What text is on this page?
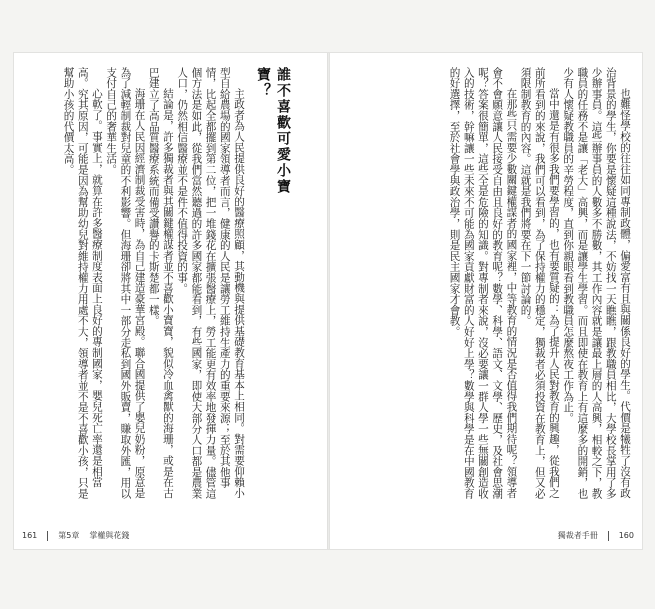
誰不喜歡可愛小寶寶？

主政者為人民提供良好的醫療照顧，其動機與提供基礎教育基本上相同。對需要仰賴小型自給農場的國家領導者而言，健康的人民是讓勞工維持生產力的重要來源；至於其他事情，比起全都擺到第二位，把一堆錢花在擴張醫療上，勞工能更有效率地發揮力量。儘管這個方法是如此，從我們當然聽過的許多國家都能看到，有些國家，即使大部分人口都是農業人口，仍然相信醫療並不是件不值得投資的事。

結論是，許多獨裁者與其關鍵權謀者並不喜歡小寶寶，貌似冷血禽獸的海珊，或是在古巴建立了高品質醫療系統而備受讚譽的卡斯楚都一樣。

海珊在人民因經濟制裁受害時，為自己建造豪華宮殿。聯合國提供了嬰兒奶粉，原意是為了減輕制裁對兒童的不利影響。但海珊卻將其中一部分走私到國外販賣，賺取外匯，用以支付自己的奢華生活。

心軟了。事實上，就算在許多醫療制度表面上良好的專制國家，嬰兒死亡率還是相當高。究其原因，可能是因為幫助幼兒對維持權力用處不大，領導者並不是不喜歡小孩，只是幫助小孩的代價太高。

161	第5章 掌權與花錢

也難怪學校的往往如同專制政體，偏愛富有且與關係良好的學生。代價是犧牲了沒有政治背景的學生，你要是懷疑這種說法，不妨找一天瞧瞧，跟教職員相比，大學校長掌用了多少辦事員。這些辦事員的人數多不勝數，其工作內容就是讓最上層的人高興，相較之下，教職員的任務不是讓「老大」高興，而是讓學生學習。而且即使在教育上有這麼多的開銷，也少有人懷疑教職員的辛勞程度，直到你親眼看到教職員怎麼熬夜工作為止。

當中還是有很多我們要學習的，也有要質疑的：為了提升人民對教育的興趣，從我們之前所看到的來說，我們可以看到，為了保持權力的穩定，獨裁者必須投資在教育上，但又必須限制教育的內容。這就是我們將要在下一節討論的。

在那些只需要少數關鍵權謀者的國家裡，中等教育的情況是否值得我們期待呢？領導者會不會願意讓人民接受自由且良好的教育呢？數學、科學、語文、文學、歷史，及社會思潮呢？答案很簡單，這些全是危險的知識。對專制者來說，沒必要讓一群人學一些無關創造收入的技術，幹嘛讓一些未來不可能為國家貢獻財富的人好好上學？數學與科學是在中國教育的好選擇，至於社會學與政治學，則是民主國家才會教。

獨裁者手冊	160
